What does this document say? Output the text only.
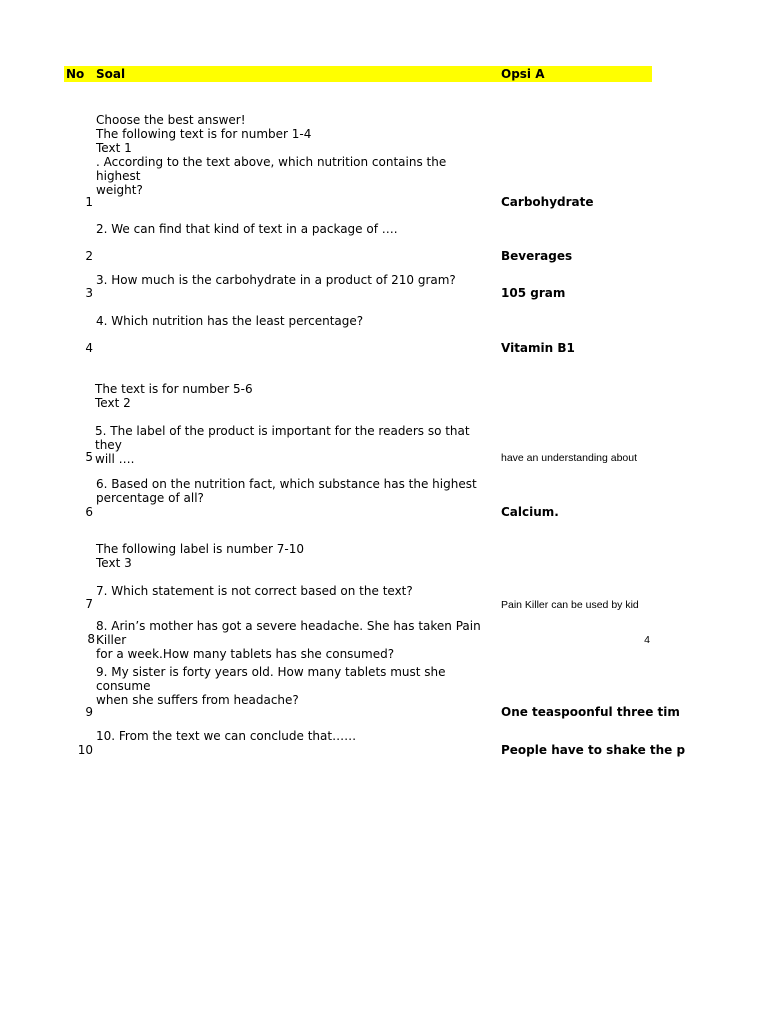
No Soal	Opsi A
Choose the best answer!
The following text is for number 1-4
Text 1
. According to the text above, which nutrition contains the highest
weight?
1	Carbohydrate
2. We can find that kind of text in a package of ….
2	Beverages
3. How much is the carbohydrate in a product of 210 gram?
3	105 gram
4. Which nutrition has the least percentage?
4	Vitamin B1
The text is for number 5-6
Text 2
5. The label of the product is important for the readers so that they
will ….
5	have an understanding about
6. Based on the nutrition fact, which substance has the highest
percentage of all?
6	Calcium.
The following label is number 7-10
Text 3
7. Which statement is not correct based on the text?
7	Pain Killer can be used by kid
8. Arin’s mother has got a severe headache. She has taken Pain Killer
for a week.How many tablets has she consumed?
8	4
9. My sister is forty years old. How many tablets must she consume
when she suffers from headache?
9	One teaspoonful three tim
10. From the text we can conclude that……
10	People have to shake the p
